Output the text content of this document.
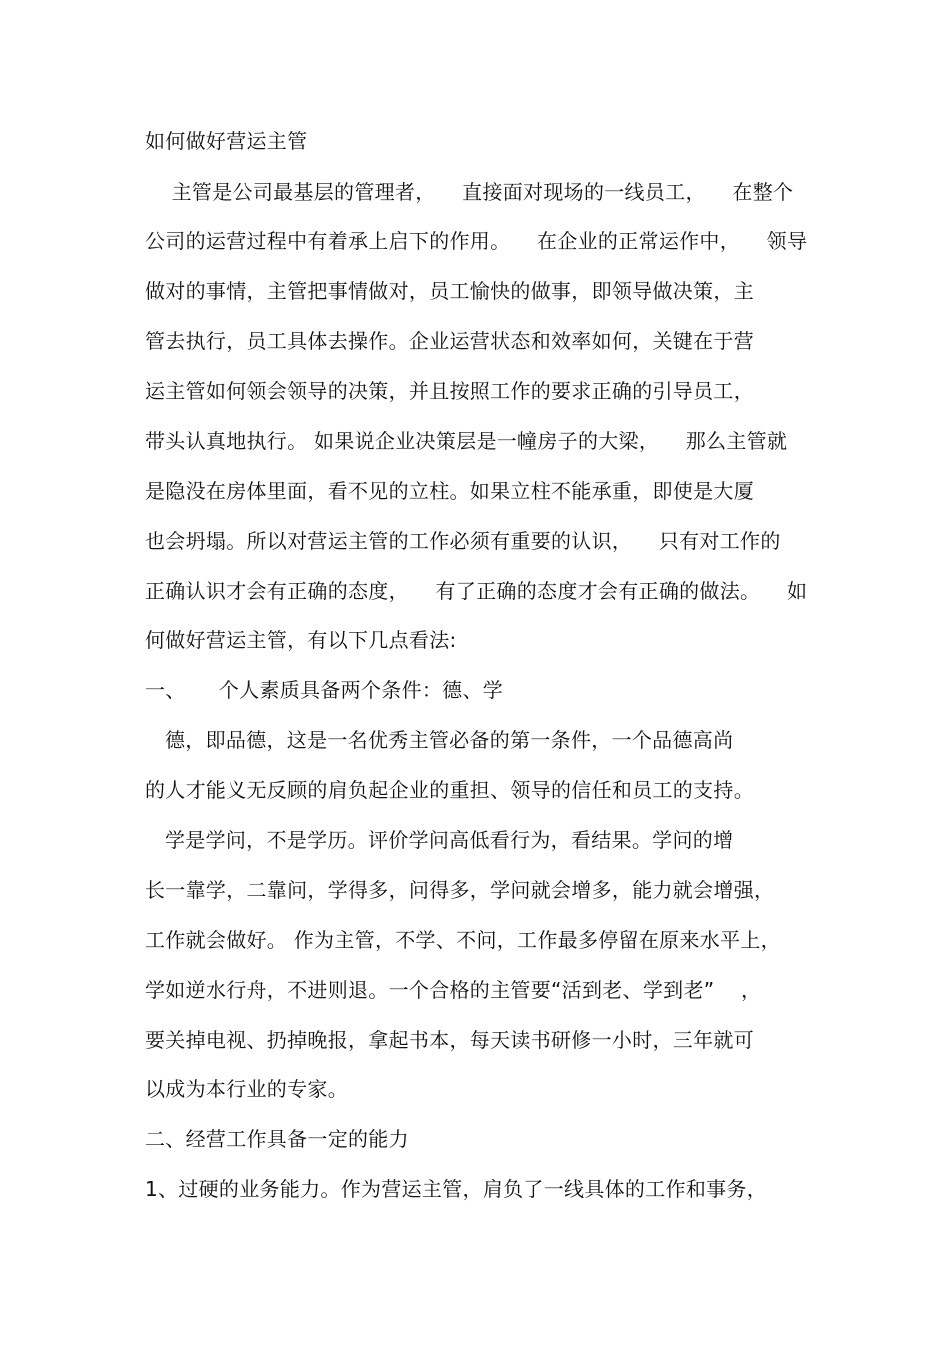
如何做好营运主管
主管是公司最基层的管理者，    直接面对现场的一线员工，    在整个
公司的运营过程中有着承上启下的作用。    在企业的正常运作中，    领导
做对的事情，主管把事情做对，员工愉快的做事，即领导做决策，主
管去执行，员工具体去操作。企业运营状态和效率如何，关键在于营
运主管如何领会领导的决策，并且按照工作的要求正确的引导员工，
带头认真地执行。 如果说企业决策层是一幢房子的大梁，    那么主管就
是隐没在房体里面，看不见的立柱。如果立柱不能承重，即使是大厦
也会坍塌。所以对营运主管的工作必须有重要的认识，    只有对工作的
正确认识才会有正确的态度，    有了正确的态度才会有正确的做法。    如
何做好营运主管，有以下几点看法:
一、     个人素质具备两个条件：德、学
德，即品德，这是一名优秀主管必备的第一条件，一个品德高尚
的人才能义无反顾的肩负起企业的重担、领导的信任和员工的支持。
学是学问，不是学历。评价学问高低看行为，看结果。学问的增
长一靠学，二靠问，学得多，问得多，学问就会增多，能力就会增强，
工作就会做好。 作为主管，不学、不问，工作最多停留在原来水平上，
学如逆水行舟，不进则退。一个合格的主管要“活到老、学到老”    ，
要关掉电视、扔掉晚报，拿起书本，每天读书研修一小时，三年就可
以成为本行业的专家。
二、经营工作具备一定的能力
1、过硬的业务能力。作为营运主管，肩负了一线具体的工作和事务，
